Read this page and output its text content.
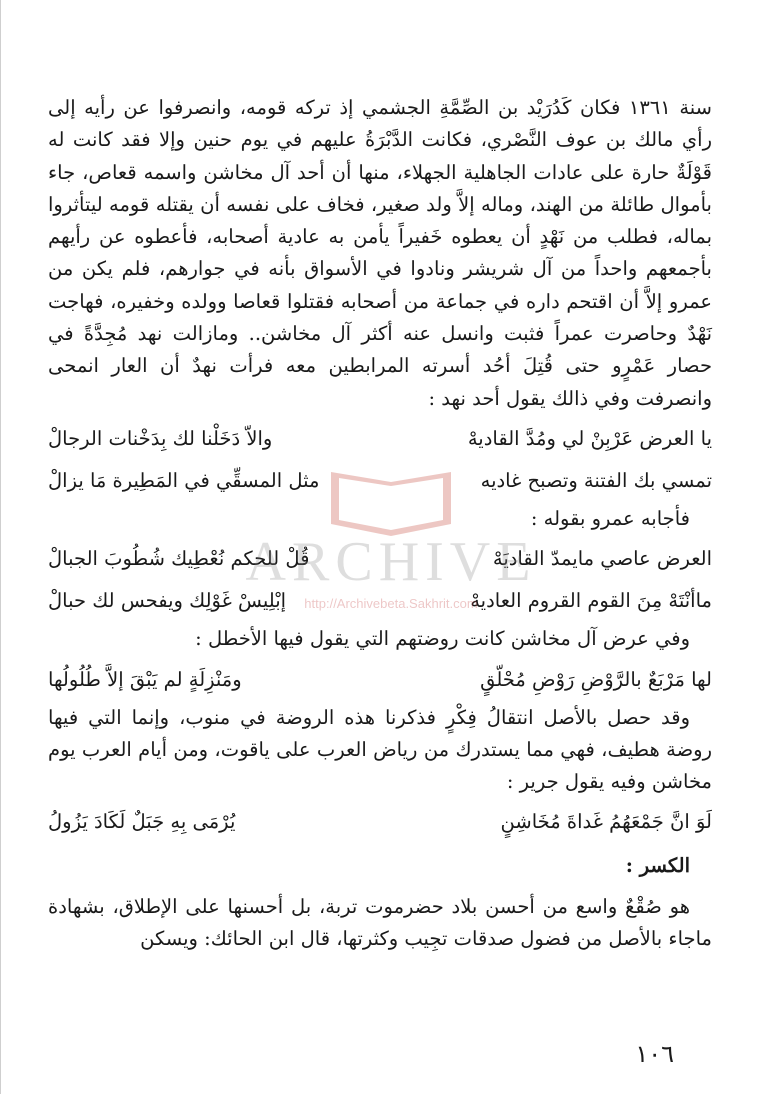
سنة ١٣٦١ فكان كَدُرَيْد بن الصِّمَّةِ الجشمي إذ تركه قومه، وانصرفوا عن رأيه إلى رأي مالك بن عوف النَّصْري، فكانت الدَّبْرَةُ عليهم في يوم حنين وإلا فقد كانت له قَوْلَةٌ حارة على عادات الجاهلية الجهلاء، منها أن أحد آل مخاشن واسمه قعاص، جاء بأموال طائلة من الهند، وماله إلاَّ ولد صغير، فخاف على نفسه أن يقتله قومه ليتأثروا بماله، فطلب من نَهْدٍ أن يعطوه خَفيراً يأمن به عادية أصحابه، فأعطوه عن رأيهم بأجمعهم واحداً من آل شريشر ونادوا في الأسواق بأنه في جوارهم، فلم يكن من عمرو إلاَّ أن اقتحم داره في جماعة من أصحابه فقتلوا قعاصا وولده وخفيره، فهاجت نَهْدٌ وحاصرت عمراً فثبت وانسل عنه أكثر آل مخاشن.. ومازالت نهد مُجِدَّةً في حصار عَمْرٍو حتى قُتِلَ أحُد أسرته المرابطين معه فرأت نهدٌ أن العار انمحى وانصرفت وفي ذالك يقول أحد نهد :

يا العرض عَرْبِنْ لي ومُدَّ القاديهْ
والاّ دَخَلْنا لك بِدَخْنات الرجالْ
تمسي بك الفتنة وتصبح غاديه
مثل المسقِّي في المَطِيرة مَا يزالْ

فأجابه عمرو بقوله :

العرض عاصي مايمدّ القاديَهْ
قُلْ للحكم نُعْطِيك شُطُوبَ الجبالْ
ماأنْتَهْ مِنَ القوم القروم العاديهْ
إبْلِيسْ غَوْلِك ويفحس لك حبالْ

وفي عرض آل مخاشن كانت روضتهم التي يقول فيها الأخطل :

لها مَرْبَعٌ بالرَّوْضِ رَوْضِ مُحْلّقٍ
ومَنْزِلَةٍ لم يَبْقَ إلاَّ طُلُولُها

وقد حصل بالأصل انتقالُ فِكْرٍ فذكرنا هذه الروضة في منوب، وإنما التي فيها روضة هطيف، فهي مما يستدرك من رياض العرب على ياقوت، ومن أيام العرب يوم مخاشن وفيه يقول جرير :

لَوَ انَّ جَمْعَهُمُ غَداةَ مُخَاشِنٍ
يُرْمَى بِهِ جَبَلٌ لَكَادَ يَزُولُ

الكسر :

هو صُقْعٌ واسع من أحسن بلاد حضرموت تربة، بل أحسنها على الإطلاق، بشهادة ماجاء بالأصل من فضول صدقات تجِيب وكثرتها، قال ابن الحائك: ويسكن

ARCHIVE
http://Archivebeta.Sakhrit.com
١٠٦
